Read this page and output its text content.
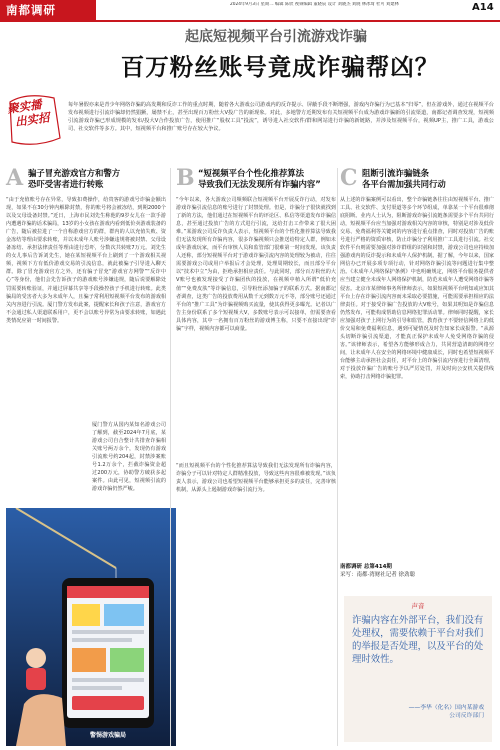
南都调研	2024年9月3日 星期二 编辑 陈欣 视频编辑 董晓辰 设计 刘晓杰 刘晓 林冰琦 杜可 刘建林	A14
起底短视频平台引流游戏诈骗
百万粉丝账号竟成诈骗帮凶？
聚实播
出实招
每年暑假亦来是青少年网络诈骗的高发期和反诈工作的重点时期，随着各大游戏公司游戏内的反诈提示、屏蔽手段不断增强，游戏内诈骗行为已基本“归零”，但在游戏外，通过在视频平台发布视频进行引流诈骗却仍然猖獗，屡禁不止，甚至出现百万粉丝大V投广告的新现象。对此，多地警方近期发布有关短视频平台成为游戏诈骗新的引流渠道，南都记者调查发现，短视频引流游戏诈骗已形成规模的发布/投大V合作投放广告，使用推广“股权工具”投流”，诱导进入社交软件/群和网站进行诈骗的新链路，并涉及短视频平台，视频UP主，推广工具，游戏公司、社交软件等多方。其中，短视频平台和推广账号存在较大争议。
A 骗子冒充游戏官方和警方
恐吓受害者进行转账
“由于充值账号存在异常，导致扣费操作，给贵客的游戏号诈骗金额出现，如果不在30分钟内解除封禁，你的账号将会被冻结，到期2000个以及父母设备封禁。”近日，上海市民刘先生称他的9岁女儿在一款手游内遭遇诈骗的话术骗局，13岁的小女孩在游戏内看到低价卖游戏装备的广告，随后被拉进了一个自称游戏官方的群，群内的人以充值失败、资金冻结等理由要求转账，并以未成年人账号涉嫌违规将被封禁、父母设备冻结、承担法律责任等理由进行恐吓，分数次共转账7万元。刘先生的女儿事后告诉刘先生，她在某短视频平台上刷到了一个游戏相关视频，视频下方有低价游戏交易的引流信息，就此被骗子引导进入聊天群。除了冒充游戏官方之外，还有骗子冒充“游戏官方网警”“反诈中心”等身份，他们会先告诉孩子的游戏账号涉嫌违规，随后说要解除处罚需要转账验证，并通过屏幕共享等手段操控孩子手机进行转账。此类骗局的受害者大多为未成年人，且骗子常利用短视频平台发布的游戏相关内容进行引流。厦门警方发布此案，提醒家长和孩子注意，游戏官方不会通过私人渠道联系用户，更不会以账号异常为由要求转账，如遇此类情况应第一时间报警。
厦门警方从国内某知名游戏公司了解到，截至2024年7月底，某游戏公司自合整计共排查诈骗相关账号两万余个，发现仍有游戏引流账号约204起，封禁涉案账号1.2万余个，拦截诈骗资金超过200万元，协助警方破获多起案件。由此可见，短视频引流的游戏诈骗仍然严峻。
警惕游戏骗局
B “短视频平台个性化推荐算法
导致我们无法发现所有诈骗内容”
“今年以来，各大游戏公司频频联合短视频平台开展反诈行动，对发布游戏诈骗引流信息的账号进行了封禁处理。但是，诈骗分子很快就找到了新的方法，他们通过在短视频平台的评论区、私信等渠道发布诈骗信息，甚至通过投放广告的方式进行引流，这给打击工作带来了很大困难。”某游戏公司反诈负责人表示，短视频平台的个性化推荐算法导致我们无法发现所有诈骗内容，很多诈骗视频只会推送给特定人群，例如未成年游戏玩家，而平台审核人员和监管部门很难第一时间发现。该负责人还称，部分短视频平台对于游戏诈骗引流内容的处理较为被动，往往需要游戏公司或用户举报后才会处理，处理周期较长，而且部分平台以“技术中立”为由，拒绝承担相应责任。与此同时，部分百万粉丝的大V账号也被发现接受了诈骗团伙的投放，在视频中植入所谓“低价充值”“免费皮肤”等诈骗信息，引导粉丝添加骗子的联系方式。据南都记者调查，这类广告的投放费用从数千元到数万元不等，部分账号还通过平台的“推广工具”为诈骗视频购买流量，使其获得更多曝光。记者以广告主身份联系了多个短视频大V，多数账号表示可以接单，但需要查看具体内容，其中一名拥有百万粉丝的游戏博主称，只要不直接出现“诈骗”字样，视频内容都可以商量。
“而且短视频平台的个性化推荐算法导致我们无法发现所有诈骗内容，诈骗分子可以针对特定人群精准投放，导致这些内容很难被发现。”该负责人表示，游戏公司也希望短视频平台能够承担更多的责任，完善审核机制，从源头上遏制游戏诈骗引流行为。
C 阻断引流诈骗链条
各平台需加强共同行动
从上述的诈骗案例可以看出，整个诈骗链条往往由短视频平台、推广工具、社交软件、支付渠道等多个环节组成，单靠某一个平台很难彻底阻断。业内人士认为，阻断游戏诈骗引流链条需要多个平台共同行动，短视频平台应当加强对游戏相关内容的审核，特别是对涉及低价交易、免费福利等关键词的内容进行重点排查，同时对投放广告的账号进行严格的资质审核，防止诈骗分子利用推广工具进行引流。社交软件平台则需要加强对涉诈群组的识别和封禁，游戏公司也应持续加强游戏内的反诈提示和未成年人保护机制。据了解，今年以来，国家网信办已开展多项专项行动，针对网络诈骗引流等问题进行集中整治。《未成年人网络保护条例》中也明确规定，网络平台服务提供者应当建立健全未成年人网络保护机制，防范未成年人遭受网络诈骗等侵害。北京市某律师事务所律师表示，如果短视频平台明知或应知其平台上存在诈骗引流内容而未采取必要措施，可能需要承担相应的法律责任。对于接受诈骗广告投放的大V账号，如果其明知是诈骗信息仍然发布，可能构成帮助信息网络犯罪活动罪。律师同时提醒，家长应加强对孩子上网行为的引导和监管，教育孩子不要轻信网络上的低价交易和免费福利信息，遇到可疑情况及时告知家长或报警。“从源头切断诈骗引流渠道，才能真正保护未成年人免受网络诈骗的侵害。”该律师表示，希望各方能够形成合力，共同营造清朗的网络空间，让未成年人在安全的网络环境中健康成长，同时也希望短视频平台能够主动承担社会责任，对平台上的诈骗引流内容进行全面清理，对于投放诈骗广告的账号予以严厉处罚，并及时向公安机关提供线索，协助打击网络诈骗犯罪。
南都调研 总第414期
采写：南都·湾财社记者 徐劲聪
声音
诈骗内容在外部平台，我们没有处理权，需要依赖于平台对我们的举报是否处理，以及平台的处理时效性。
——李华（化名）国内某游戏
公司反诈部门
